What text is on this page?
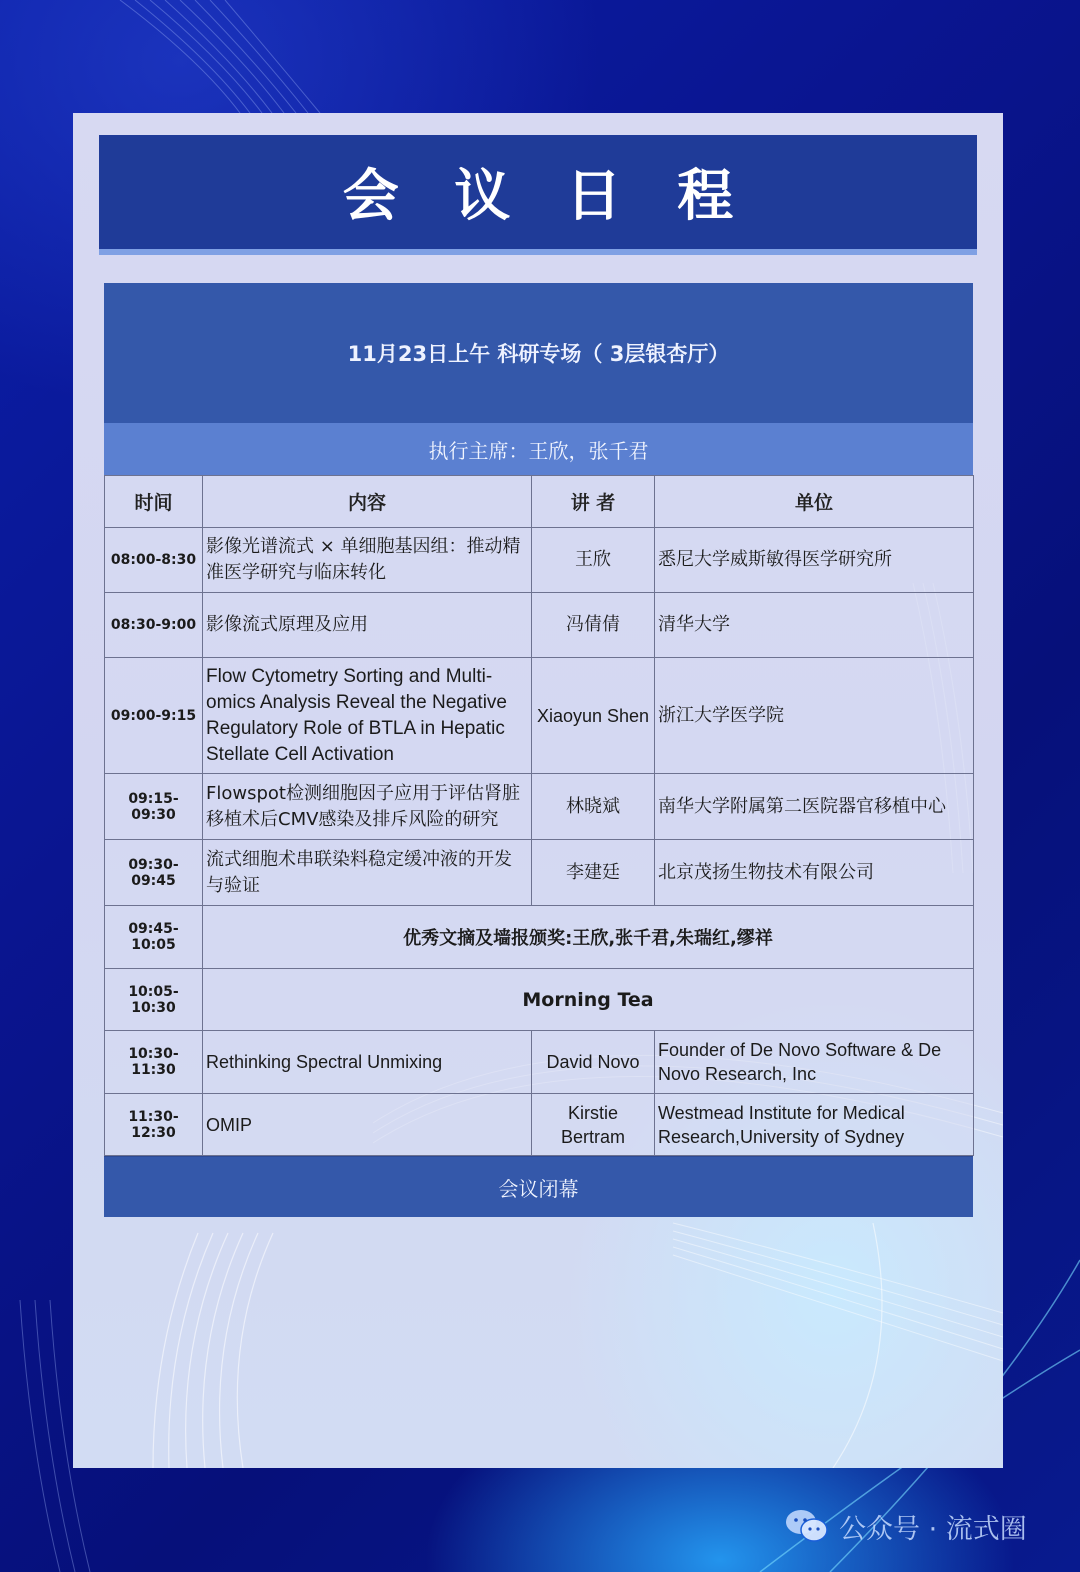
会 议 日 程
11月23日上午 科研专场（ 3层银杏厅）
执行主席：王欣，张千君
时间	内容	讲 者	单位
08:00-8:30	影像光谱流式 × 单细胞基因组：推动精准医学研究与临床转化	王欣	悉尼大学威斯敏得医学研究所
08:30-9:00	影像流式原理及应用	冯倩倩	清华大学
09:00-9:15	Flow Cytometry Sorting and Multi-omics Analysis Reveal the Negative Regulatory Role of BTLA in Hepatic Stellate Cell Activation	Xiaoyun Shen	浙江大学医学院
09:15-09:30	Flowspot检测细胞因子应用于评估肾脏移植术后CMV感染及排斥风险的研究	林晓斌	南华大学附属第二医院器官移植中心
09:30-09:45	流式细胞术串联染料稳定缓冲液的开发与验证	李建廷	北京茂扬生物技术有限公司
09:45-10:05	优秀文摘及墙报颁奖:王欣,张千君,朱瑞红,缪祥		
10:05-10:30	Morning Tea		
10:30-11:30	Rethinking Spectral Unmixing	David Novo	Founder of De Novo Software & De Novo Research, Inc
11:30-12:30	OMIP	Kirstie Bertram	Westmead Institute for Medical Research,University of Sydney
会议闭幕
公众号 · 流式圈
